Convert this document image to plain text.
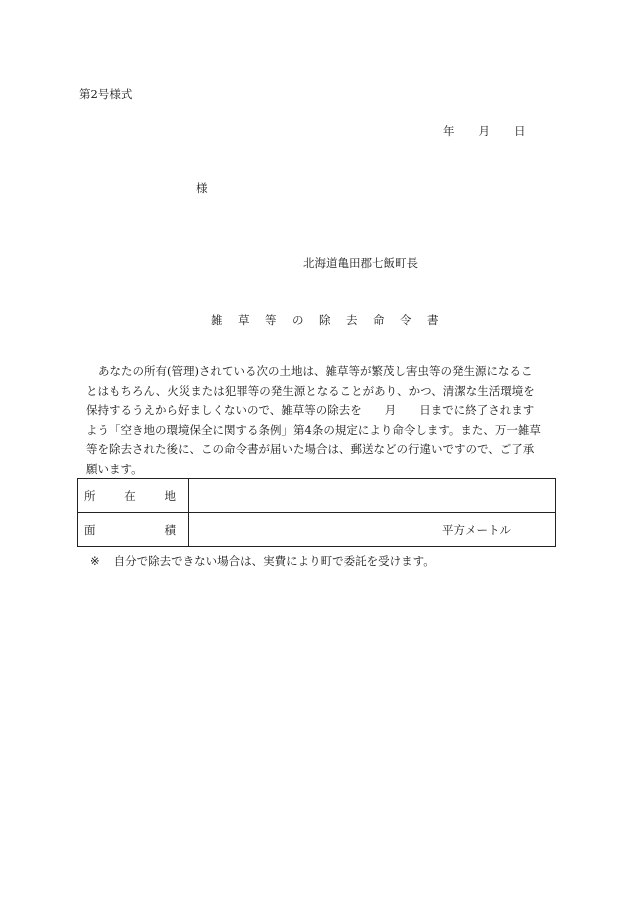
第2号様式
年 月 日
様
北海道亀田郡七飯町長
雑草等の除去命令書
あなたの所有(管理)されている次の土地は、雑草等が繁茂し害虫等の発生源になるこ
とはもちろん、火災または犯罪等の発生源となることがあり、かつ、清潔な生活環境を
保持するうえから好ましくないので、雑草等の除去を　　月　　日までに終了されます
よう「空き地の環境保全に関する条例」第4条の規定により命令します。また、万一雑草
等を除去された後に、この命令書が届いた場合は、郵送などの行違いですので、ご了承
願います。
所 在 地	

面 積	平方メートル
※ 自分で除去できない場合は、実費により町で委託を受けます。
